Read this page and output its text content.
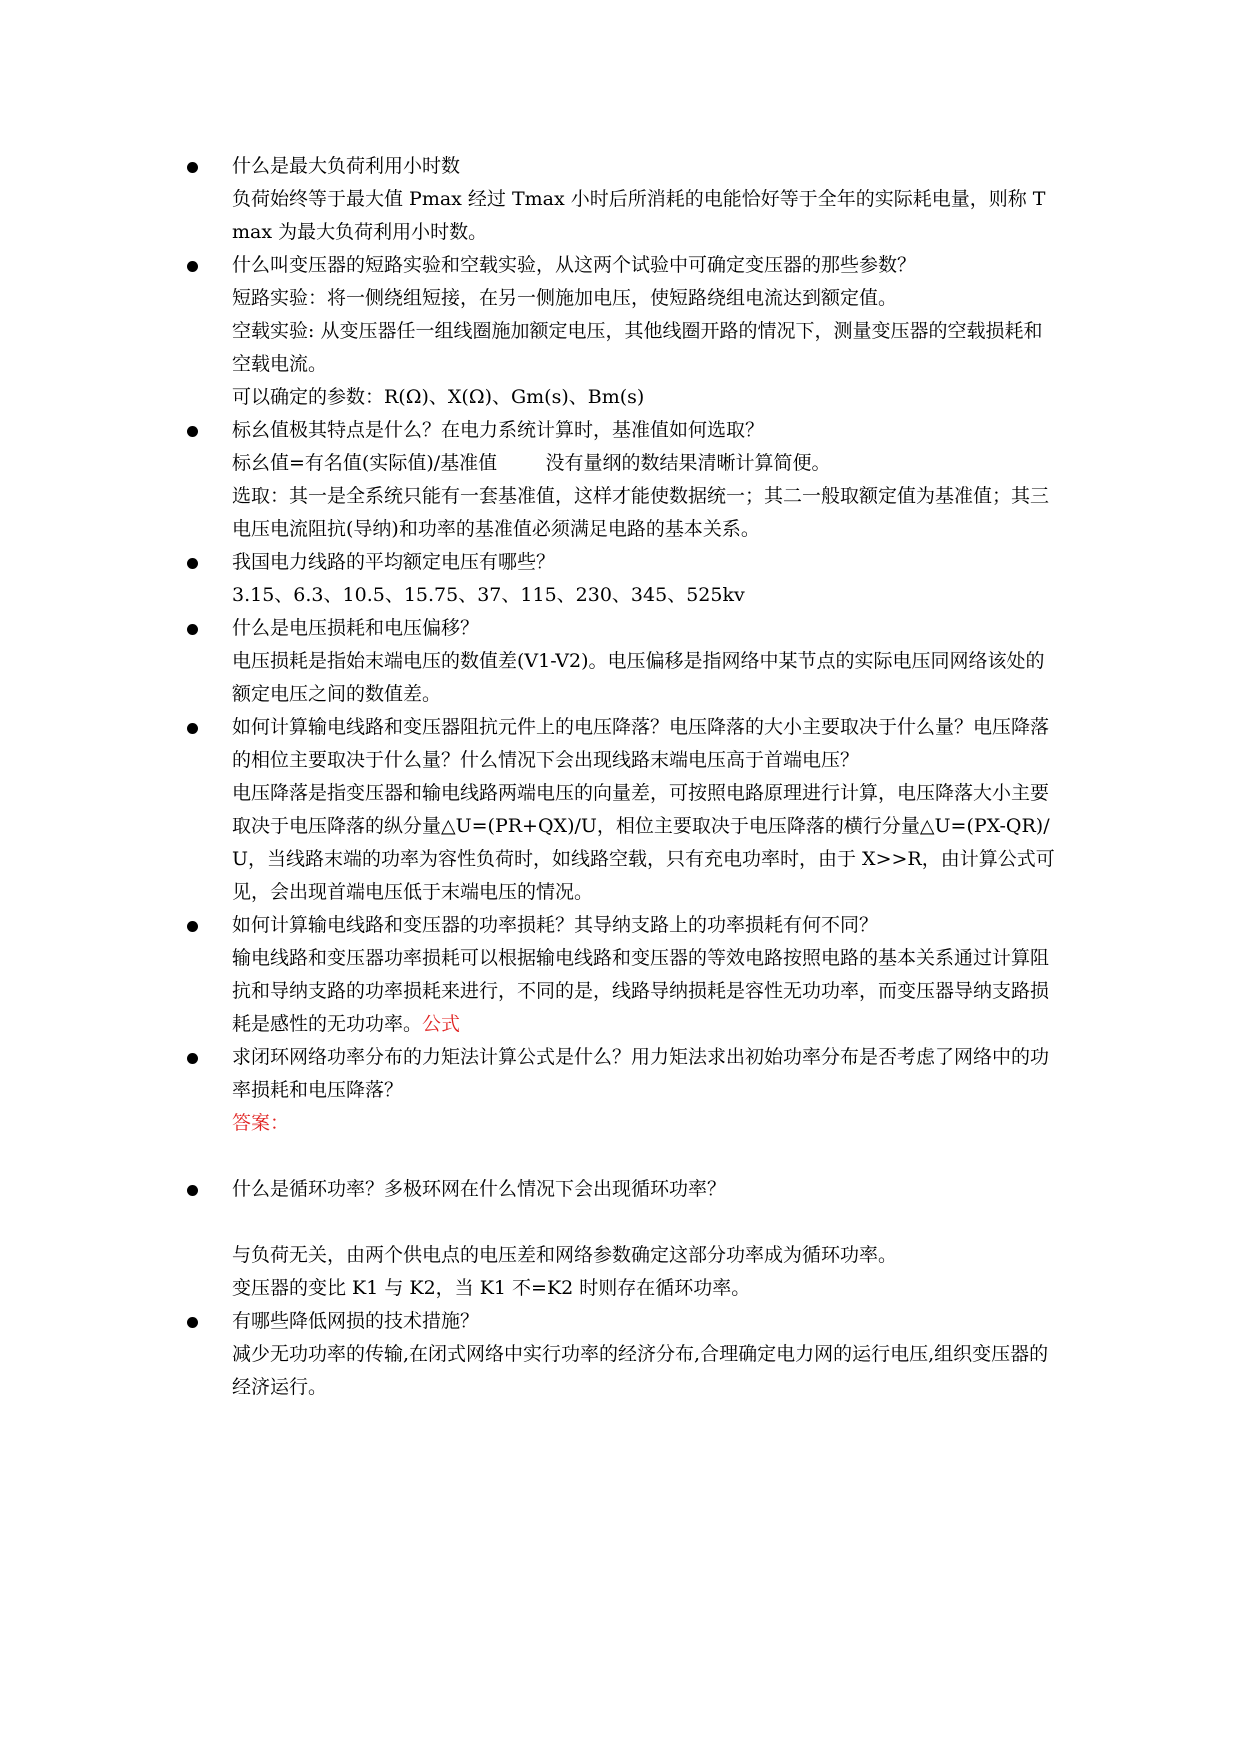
什么是最大负荷利用小时数

负荷始终等于最大值 Pmax 经过 Tmax 小时后所消耗的电能恰好等于全年的实际耗电量，则称 Tmax 为最大负荷利用小时数。

什么叫变压器的短路实验和空载实验，从这两个试验中可确定变压器的那些参数？

短路实验：将一侧绕组短接，在另一侧施加电压，使短路绕组电流达到额定值。

空载实验: 从变压器任一组线圈施加额定电压，其他线圈开路的情况下，测量变压器的空载损耗和空载电流。

可以确定的参数：R(Ω)、X(Ω)、Gm(s)、Bm(s)

标幺值极其特点是什么？在电力系统计算时，基准值如何选取？

标幺值=有名值(实际值)/基准值        没有量纲的数结果清晰计算简便。

选取：其一是全系统只能有一套基准值，这样才能使数据统一；其二一般取额定值为基准值；其三电压电流阻抗(导纳)和功率的基准值必须满足电路的基本关系。

我国电力线路的平均额定电压有哪些？

3.15、6.3、10.5、15.75、37、115、230、345、525kv

什么是电压损耗和电压偏移？

电压损耗是指始末端电压的数值差(V1-V2)。电压偏移是指网络中某节点的实际电压同网络该处的额定电压之间的数值差。

如何计算输电线路和变压器阻抗元件上的电压降落？电压降落的大小主要取决于什么量？电压降落的相位主要取决于什么量？什么情况下会出现线路末端电压高于首端电压？

电压降落是指变压器和输电线路两端电压的向量差，可按照电路原理进行计算，电压降落大小主要取决于电压降落的纵分量△U=(PR+QX)/U，相位主要取决于电压降落的横行分量△U=(PX-QR)/U，当线路末端的功率为容性负荷时，如线路空载，只有充电功率时，由于 X>>R，由计算公式可见，会出现首端电压低于末端电压的情况。

如何计算输电线路和变压器的功率损耗？其导纳支路上的功率损耗有何不同？

输电线路和变压器功率损耗可以根据输电线路和变压器的等效电路按照电路的基本关系通过计算阻抗和导纳支路的功率损耗来进行，不同的是，线路导纳损耗是容性无功功率，而变压器导纳支路损耗是感性的无功功率。公式

求闭环网络功率分布的力矩法计算公式是什么？用力矩法求出初始功率分布是否考虑了网络中的功率损耗和电压降落？

答案：

什么是循环功率？多极环网在什么情况下会出现循环功率？

与负荷无关，由两个供电点的电压差和网络参数确定这部分功率成为循环功率。

变压器的变比 K1 与 K2，当 K1 不=K2 时则存在循环功率。

有哪些降低网损的技术措施？

减少无功功率的传输,在闭式网络中实行功率的经济分布,合理确定电力网的运行电压,组织变压器的经济运行。
